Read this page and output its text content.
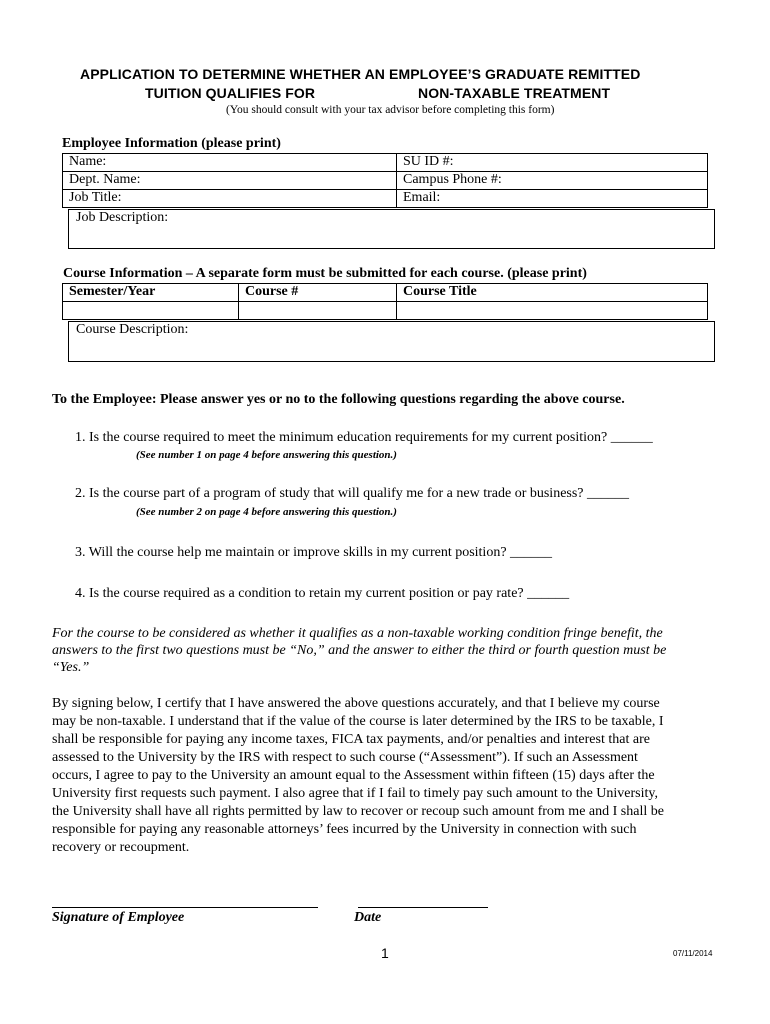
APPLICATION TO DETERMINE WHETHER AN EMPLOYEE’S GRADUATE REMITTED
TUITION QUALIFIES FOR	NON-TAXABLE TREATMENT
(You should consult with your tax advisor before completing this form)
Employee Information (please print)
Name:	SU ID #:
Dept. Name:	Campus Phone #:
Job Title:	Email:
Job Description:
Course Information – A separate form must be submitted for each course. (please print)
Semester/Year	Course #	Course Title

Course Description:
To the Employee: Please answer yes or no to the following questions regarding the above course.
1. Is the course required to meet the minimum education requirements for my current position? ______
(See number 1 on page 4 before answering this question.)
2. Is the course part of a program of study that will qualify me for a new trade or business? ______
(See number 2 on page 4 before answering this question.)
3. Will the course help me maintain or improve skills in my current position? ______
4. Is the course required as a condition to retain my current position or pay rate? ______
For the course to be considered as whether it qualifies as a non-taxable working condition fringe benefit, the
answers to the first two questions must be “No,” and the answer to either the third or fourth question must be
“Yes.”
By signing below, I certify that I have answered the above questions accurately, and that I believe my course
may be non-taxable. I understand that if the value of the course is later determined by the IRS to be taxable, I
shall be responsible for paying any income taxes, FICA tax payments, and/or penalties and interest that are
assessed to the University by the IRS with respect to such course (“Assessment”). If such an Assessment
occurs, I agree to pay to the University an amount equal to the Assessment within fifteen (15) days after the
University first requests such payment. I also agree that if I fail to timely pay such amount to the University,
the University shall have all rights permitted by law to recover or recoup such amount from me and I shall be
responsible for paying any reasonable attorneys’ fees incurred by the University in connection with such
recovery or recoupment.
Signature of Employee	Date
1	07/11/2014
